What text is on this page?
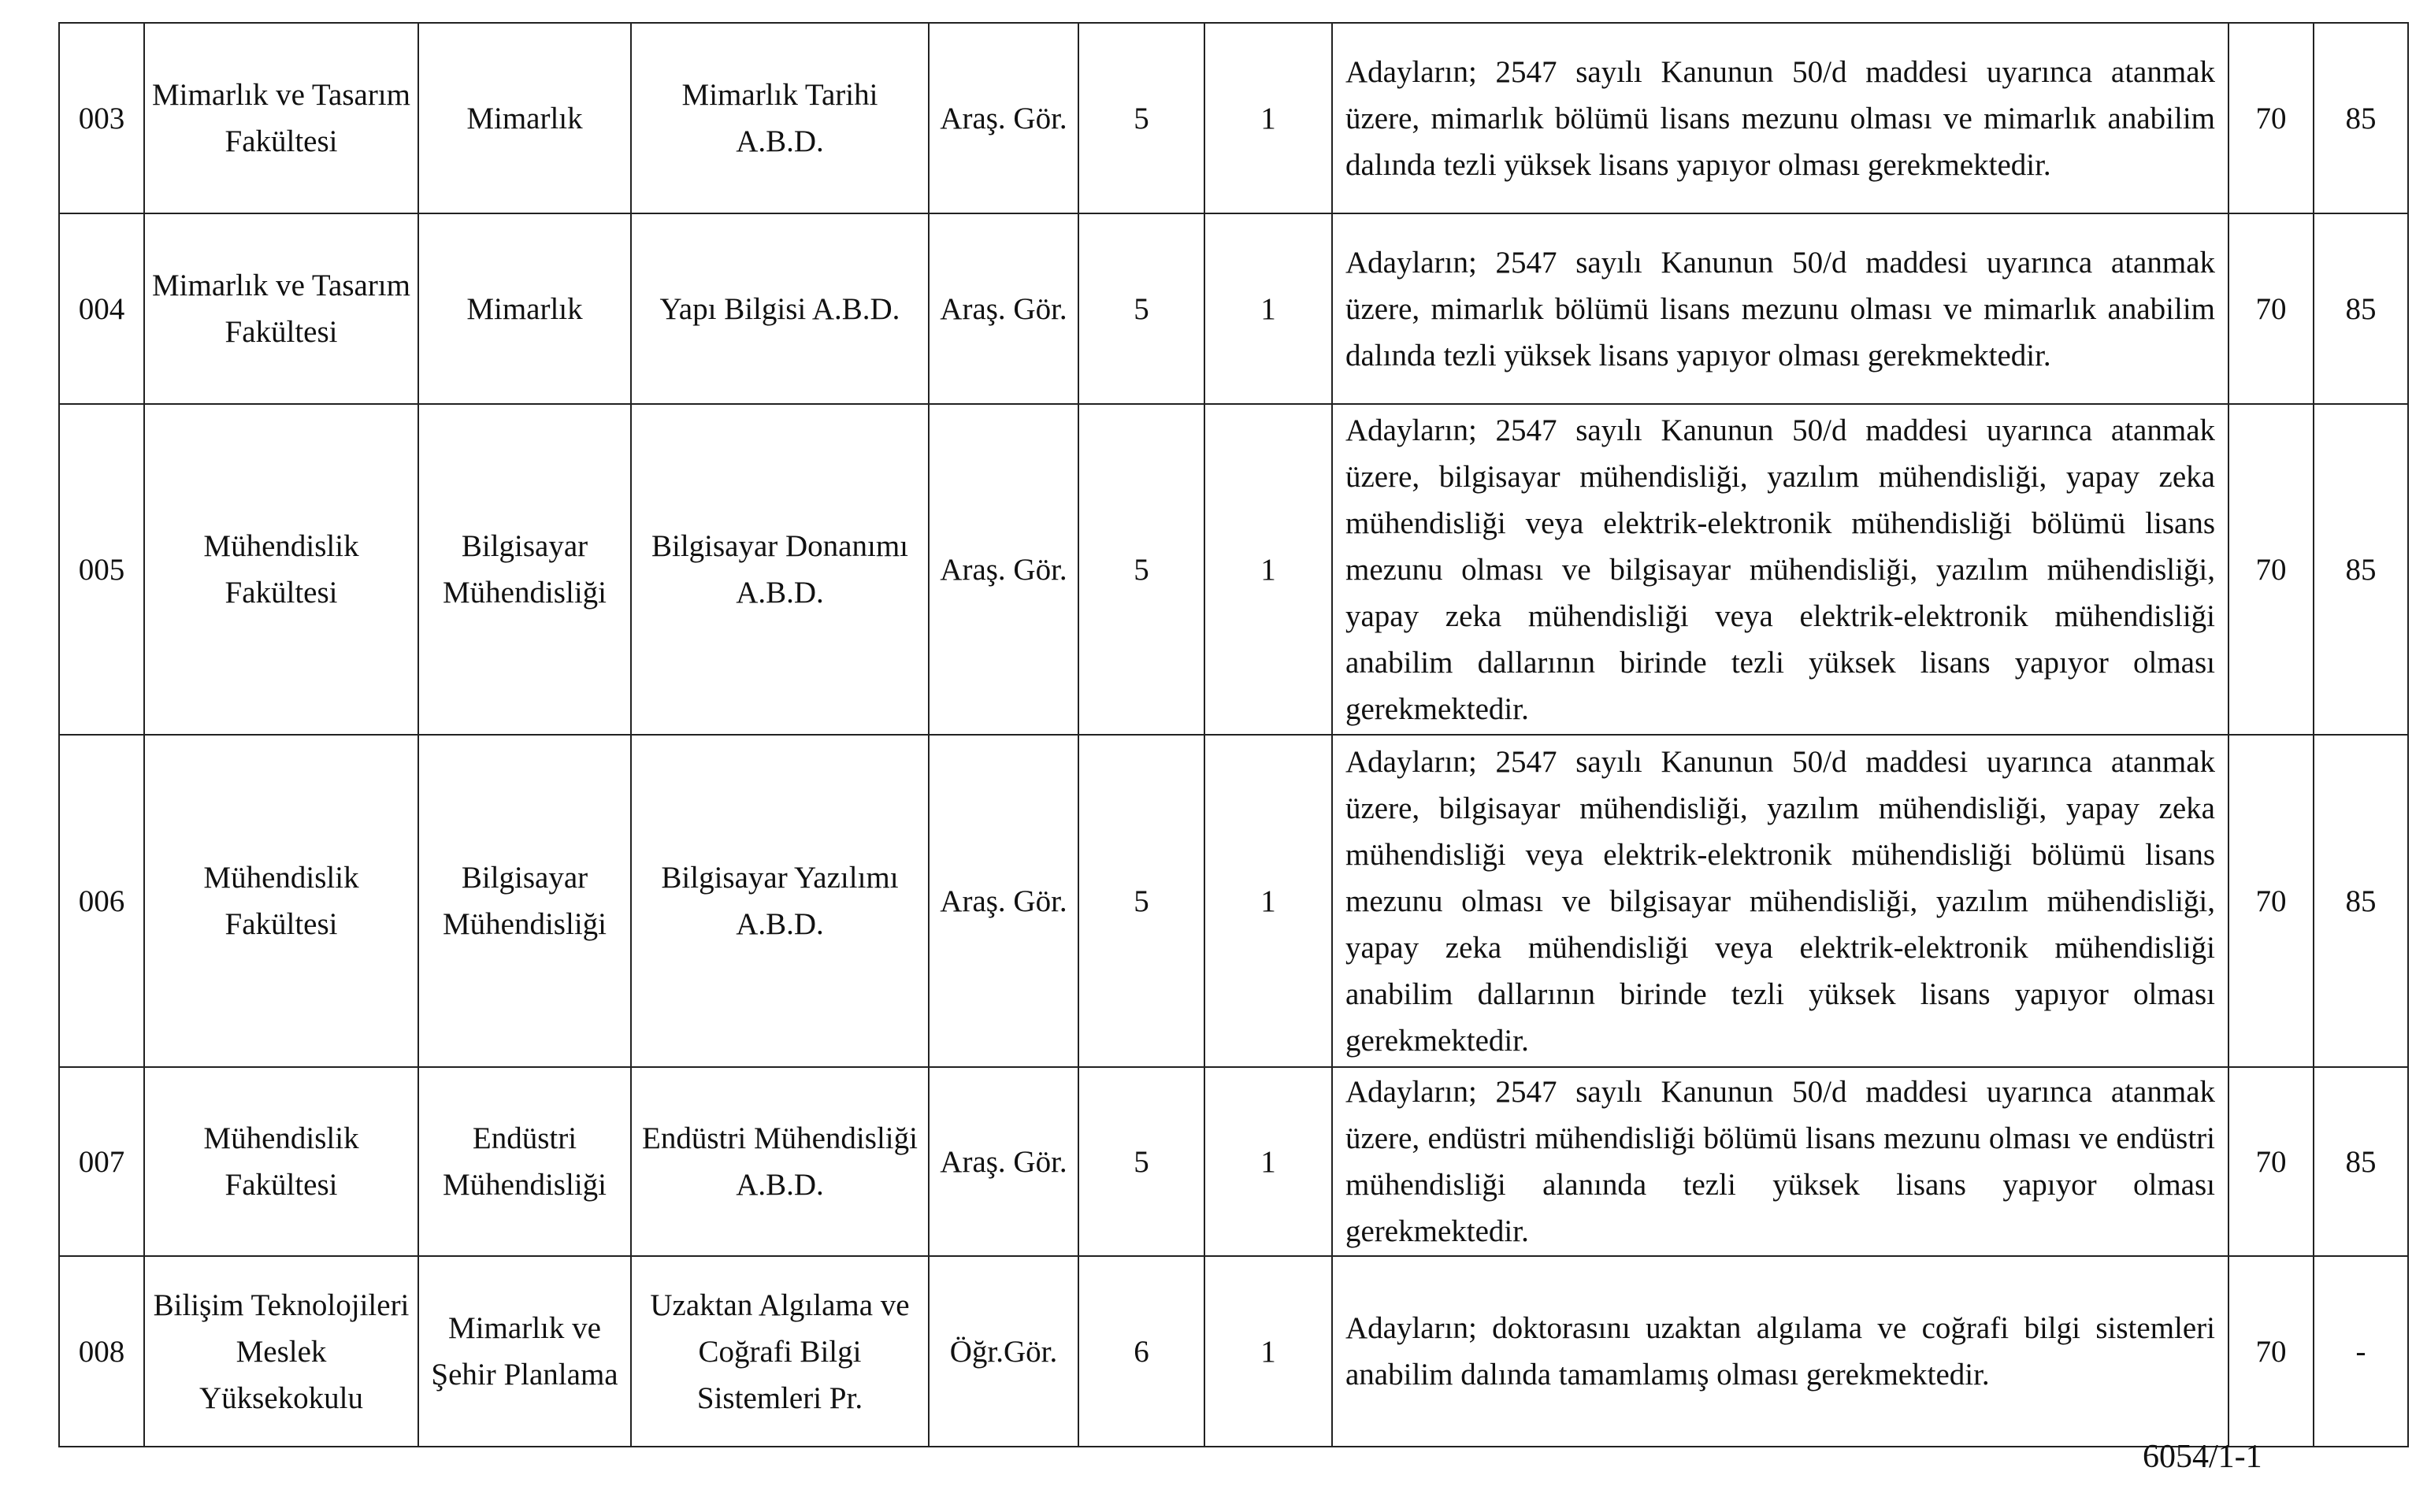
003	Mimarlık ve Tasarım Fakültesi	Mimarlık	Mimarlık Tarihi A.B.D.	Araş. Gör.	5	1	Adayların; 2547 sayılı Kanunun 50/d maddesi uyarınca atanmak üzere, mimarlık bölümü lisans mezunu olması ve mimarlık anabilim dalında tezli yüksek lisans yapıyor olması gerekmektedir.	70	85
004	Mimarlık ve Tasarım Fakültesi	Mimarlık	Yapı Bilgisi A.B.D.	Araş. Gör.	5	1	Adayların; 2547 sayılı Kanunun 50/d maddesi uyarınca atanmak üzere, mimarlık bölümü lisans mezunu olması ve mimarlık anabilim dalında tezli yüksek lisans yapıyor olması gerekmektedir.	70	85
005	Mühendislik Fakültesi	Bilgisayar Mühendisliği	Bilgisayar Donanımı A.B.D.	Araş. Gör.	5	1	Adayların; 2547 sayılı Kanunun 50/d maddesi uyarınca atanmak üzere, bilgisayar mühendisliği, yazılım mühendisliği, yapay zeka mühendisliği veya elektrik-elektronik mühendisliği bölümü lisans mezunu olması ve bilgisayar mühendisliği, yazılım mühendisliği, yapay zeka mühendisliği veya elektrik-elektronik mühendisliği anabilim dallarının birinde tezli yüksek lisans yapıyor olması gerekmektedir.	70	85
006	Mühendislik Fakültesi	Bilgisayar Mühendisliği	Bilgisayar Yazılımı A.B.D.	Araş. Gör.	5	1	Adayların; 2547 sayılı Kanunun 50/d maddesi uyarınca atanmak üzere, bilgisayar mühendisliği, yazılım mühendisliği, yapay zeka mühendisliği veya elektrik-elektronik mühendisliği bölümü lisans mezunu olması ve bilgisayar mühendisliği, yazılım mühendisliği, yapay zeka mühendisliği veya elektrik-elektronik mühendisliği anabilim dallarının birinde tezli yüksek lisans yapıyor olması gerekmektedir.	70	85
007	Mühendislik Fakültesi	Endüstri Mühendisliği	Endüstri Mühendisliği A.B.D.	Araş. Gör.	5	1	Adayların; 2547 sayılı Kanunun 50/d maddesi uyarınca atanmak üzere, endüstri mühendisliği bölümü lisans mezunu olması ve endüstri mühendisliği alanında tezli yüksek lisans yapıyor olması gerekmektedir.	70	85
008	Bilişim Teknolojileri Meslek Yüksekokulu	Mimarlık ve Şehir Planlama	Uzaktan Algılama ve Coğrafi Bilgi Sistemleri Pr.	Öğr.Gör.	6	1	Adayların; doktorasını uzaktan algılama ve coğrafi bilgi sistemleri anabilim dalında tamamlamış olması gerekmektedir.	70	-
6054/1-1
